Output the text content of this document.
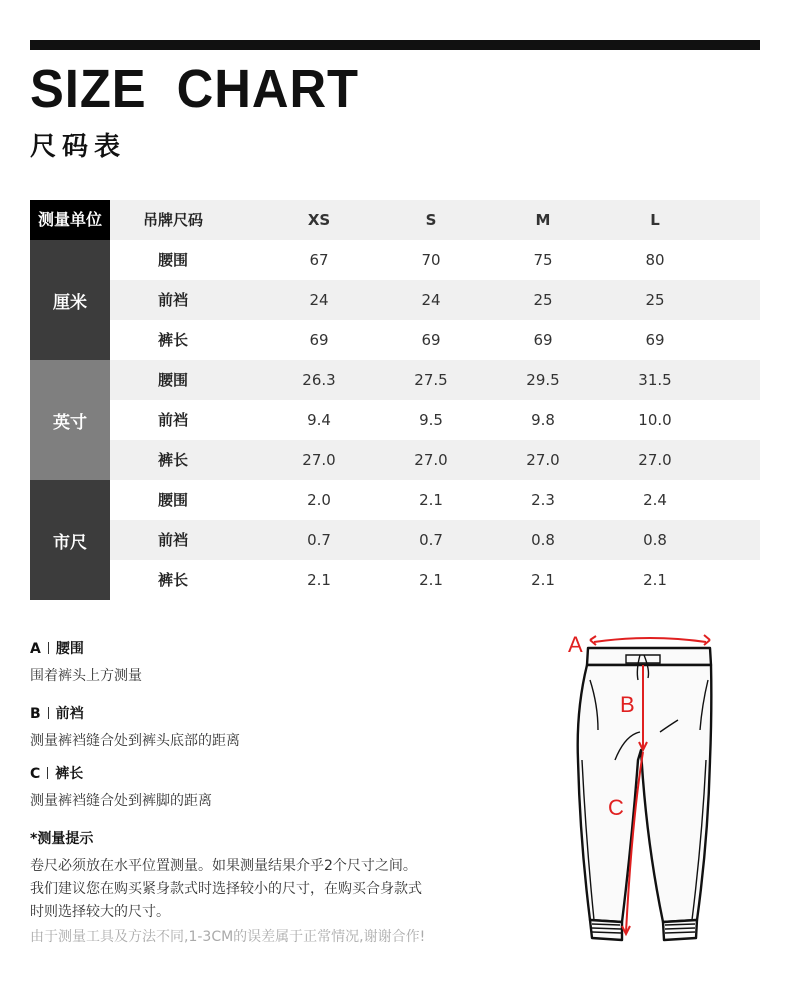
SIZE  CHART
尺码表
测量单位	吊牌尺码	XS	S	M	L
厘米
腰围	67	70	75	80
前裆	24	24	25	25
裤长	69	69	69	69
英寸
腰围	26.3	27.5	29.5	31.5
前裆	9.4	9.5	9.8	10.0
裤长	27.0	27.0	27.0	27.0
市尺
腰围	2.0	2.1	2.3	2.4
前裆	0.7	0.7	0.8	0.8
裤长	2.1	2.1	2.1	2.1
A 腰围
围着裤头上方测量
B 前裆
测量裤裆缝合处到裤头底部的距离
C 裤长
测量裤裆缝合处到裤脚的距离
*测量提示
卷尺必须放在水平位置测量。如果测量结果介乎2个尺寸之间。
我们建议您在购买紧身款式时选择较小的尺寸，在购买合身款式
时则选择较大的尺寸。
由于测量工具及方法不同,1-3CM的误差属于正常情况,谢谢合作!
A
B
C
